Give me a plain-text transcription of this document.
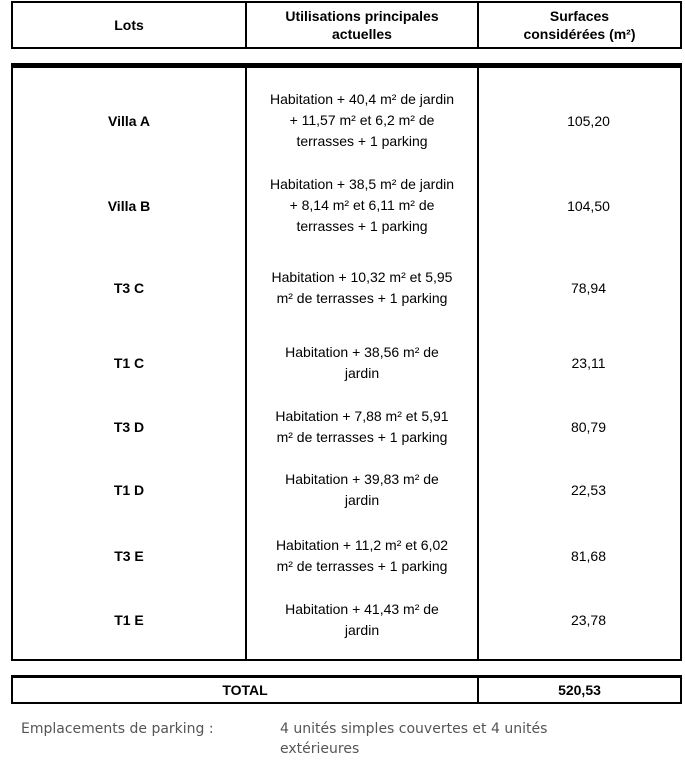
Lots
Utilisations principales
actuelles
Surfaces
considérées (m²)
Villa A
Habitation + 40,4 m² de jardin
+ 11,57 m² et 6,2 m² de
terrasses + 1 parking
105,20
Villa B
Habitation + 38,5 m² de jardin
+ 8,14 m² et 6,11 m² de
terrasses + 1 parking
104,50
T3 C
Habitation + 10,32 m² et 5,95
m² de terrasses + 1 parking
78,94
T1 C
Habitation + 38,56 m² de
jardin
23,11
T3 D
Habitation + 7,88 m² et 5,91
m² de terrasses + 1 parking
80,79
T1 D
Habitation + 39,83 m² de
jardin
22,53
T3 E
Habitation + 11,2 m² et 6,02
m² de terrasses + 1 parking
81,68
T1 E
Habitation + 41,43 m² de
jardin
23,78
TOTAL	520,53
Emplacements de parking :	4 unités simples couvertes et 4 unités
extérieures
